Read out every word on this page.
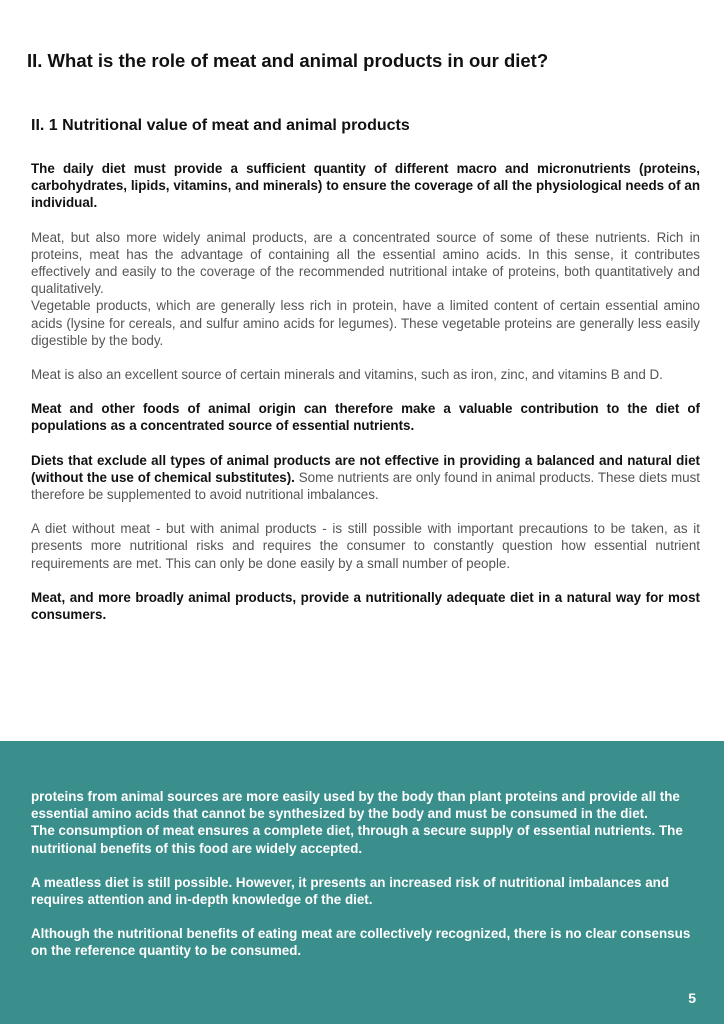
II. What is the role of meat and animal products in our diet?
II. 1 Nutritional value of meat and animal products

The daily diet must provide a sufficient quantity of different macro and micronutrients (proteins, carbohydrates, lipids, vitamins, and minerals) to ensure the coverage of all the physiological needs of an individual.

Meat, but also more widely animal products, are a concentrated source of some of these nutrients. Rich in proteins, meat has the advantage of containing all the essential amino acids. In this sense, it contributes effectively and easily to the coverage of the recommended nutritional intake of proteins, both quantitatively and qualitatively.

Vegetable products, which are generally less rich in protein, have a limited content of certain essential amino acids (lysine for cereals, and sulfur amino acids for legumes). These vegetable proteins are generally less easily digestible by the body.

Meat is also an excellent source of certain minerals and vitamins, such as iron, zinc, and vitamins B and D.

Meat and other foods of animal origin can therefore make a valuable contribution to the diet of populations as a concentrated source of essential nutrients.

Diets that exclude all types of animal products are not effective in providing a balanced and natural diet (without the use of chemical substitutes). Some nutrients are only found in animal products. These diets must therefore be supplemented to avoid nutritional imbalances.

A diet without meat - but with animal products - is still possible with important precautions to be taken, as it presents more nutritional risks and requires the consumer to constantly question how essential nutrient requirements are met. This can only be done easily by a small number of people.

Meat, and more broadly animal products, provide a nutritionally adequate diet in a natural way for most consumers.

proteins from animal sources are more easily used by the body than plant proteins and provide all the essential amino acids that cannot be synthesized by the body and must be consumed in the diet.

The consumption of meat ensures a complete diet, through a secure supply of essential nutrients. The nutritional benefits of this food are widely accepted.

A meatless diet is still possible. However, it presents an increased risk of nutritional imbalances and requires attention and in-depth knowledge of the diet.

Although the nutritional benefits of eating meat are collectively recognized, there is no clear consensus on the reference quantity to be consumed.

5
